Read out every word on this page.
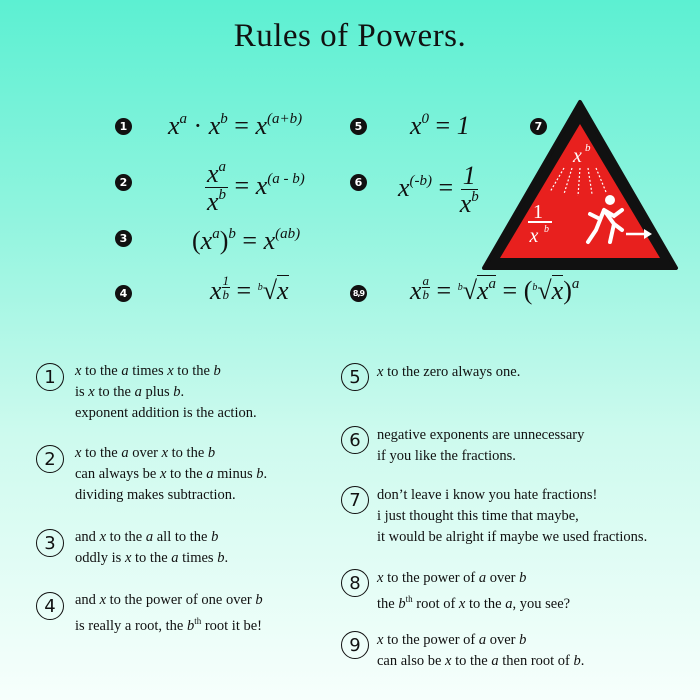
Rules of Powers.
1
2
3
4
5
6
7
8,9
$x^a \cdot x^b = x^{(a+b)}$
$\frac{x^a}{x^b} = x^{(a - b)}$
$(x^a)^b = x^{(ab)}$
x $\frac{1}{b} = ^b√x$
$x^0 = 1$
$x^{(-b)} = \frac{1}{x^b}$
x $\frac{a}{b} = ^b√x^a = (^b√x)^a$
x b
1
x b
1	x to the a times x to the b
is x to the a plus b.
exponent addition is the action.
2	x to the a over x to the b
can always be x to the a minus b.
dividing makes subtraction.
3	and x to the a all to the b
oddly is x to the a times b.
4	and x to the power of one over b
is really a root, the $b^{th}$ root it be!
5	x to the zero always one.
6	negative exponents are unnecessary
if you like the fractions.
7	don’t leave i know you hate fractions!
i just thought this time that maybe,
it would be alright if maybe we used fractions.
8	x to the power of a over b
the $b^{th}$ root of x to the a, you see?
9	x to the power of a over b
can also be x to the a then root of b.
